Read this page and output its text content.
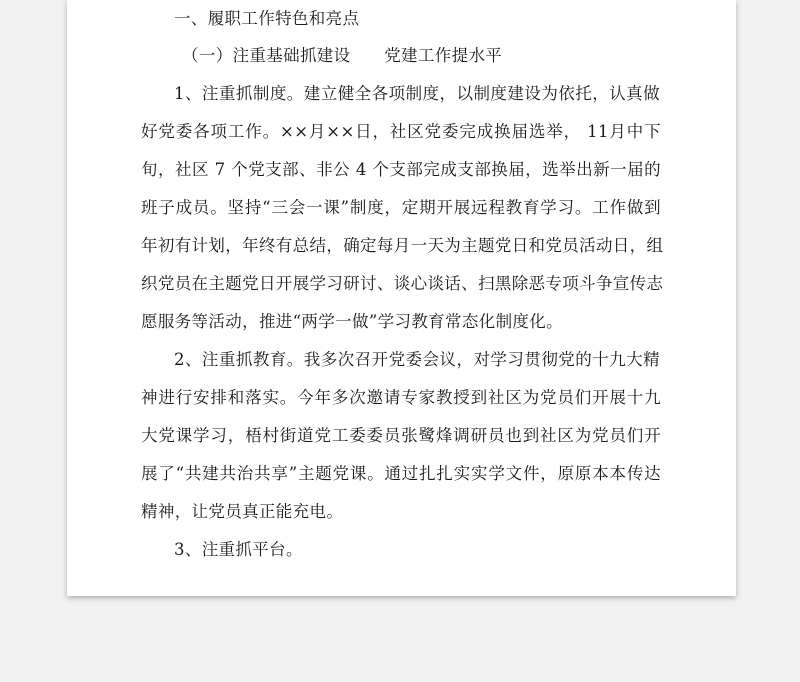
一、履职工作特色和亮点
（一）注重基础抓建设　　党建工作提水平
1、注重抓制度。建立健全各项制度，以制度建设为依托，认真做
好党委各项工作。××月××日，社区党委完成换届选举， 11月中下
旬，社区 7 个党支部、非公 4 个支部完成支部换届，选举出新一届的
班子成员。坚持“三会一课”制度，定期开展远程教育学习。工作做到
年初有计划，年终有总结，确定每月一天为主题党日和党员活动日，组
织党员在主题党日开展学习研讨、谈心谈话、扫黑除恶专项斗争宣传志
愿服务等活动，推进“两学一做”学习教育常态化制度化。
2、注重抓教育。我多次召开党委会议，对学习贯彻党的十九大精
神进行安排和落实。今年多次邀请专家教授到社区为党员们开展十九
大党课学习，梧村街道党工委委员张鹭烽调研员也到社区为党员们开
展了“共建共治共享”主题党课。通过扎扎实实学文件，原原本本传达
精神，让党员真正能充电。
3、注重抓平台。
